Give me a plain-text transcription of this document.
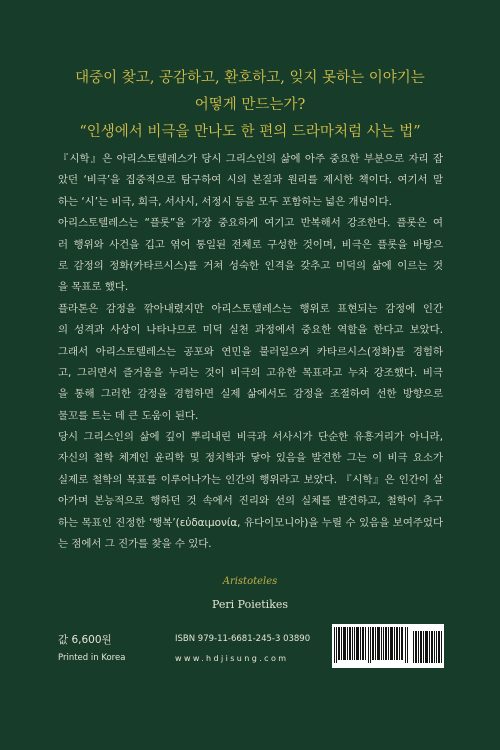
대중이 찾고, 공감하고, 환호하고, 잊지 못하는 이야기는
어떻게 만드는가?
“인생에서 비극을 만나도 한 편의 드라마처럼 사는 법”
『시학』은 아리스토텔레스가 당시 그리스인의 삶에 아주 중요한 부분으로 자리 잡
았던 ‘비극’을 집중적으로 탐구하여 시의 본질과 원리를 제시한 책이다. 여기서 말
하는 ‘시’는 비극, 희극, 서사시, 서정시 등을 모두 포함하는 넓은 개념이다.
아리스토텔레스는 “플롯”을 가장 중요하게 여기고 반복해서 강조한다. 플롯은 여
러 행위와 사건을 깁고 엮어 통일된 전체로 구성한 것이며, 비극은 플롯을 바탕으
로 감정의 정화(카타르시스)를 거쳐 성숙한 인격을 갖추고 미덕의 삶에 이르는 것
을 목표로 했다.
플라톤은 감정을 깎아내렸지만 아리스토텔레스는 행위로 표현되는 감정에 인간
의 성격과 사상이 나타나므로 미덕 실천 과정에서 중요한 역할을 한다고 보았다.
그래서 아리스토텔레스는 공포와 연민을 불러일으켜 카타르시스(정화)를 경험하
고, 그러면서 즐거움을 누리는 것이 비극의 고유한 목표라고 누차 강조했다. 비극
을 통해 그러한 감정을 경험하면 실제 삶에서도 감정을 조절하여 선한 방향으로
물꼬를 트는 데 큰 도움이 된다.
당시 그리스인의 삶에 깊이 뿌리내린 비극과 서사시가 단순한 유흥거리가 아니라,
자신의 철학 체계인 윤리학 및 정치학과 닿아 있음을 발견한 그는 이 비극 요소가
실제로 철학의 목표를 이루어나가는 인간의 행위라고 보았다. 『시학』은 인간이 살
아가며 본능적으로 행하던 것 속에서 진리와 선의 실체를 발견하고, 철학이 추구
하는 목표인 진정한 ‘행복’(εὐδαιμονία, 유다이모니아)을 누릴 수 있음을 보여주었다
는 점에서 그 진가를 찾을 수 있다.
Aristoteles
Peri Poietikes
값 6,600원
Printed in Korea
ISBN 979-11-6681-245-3 03890
www.hdjisung.com
